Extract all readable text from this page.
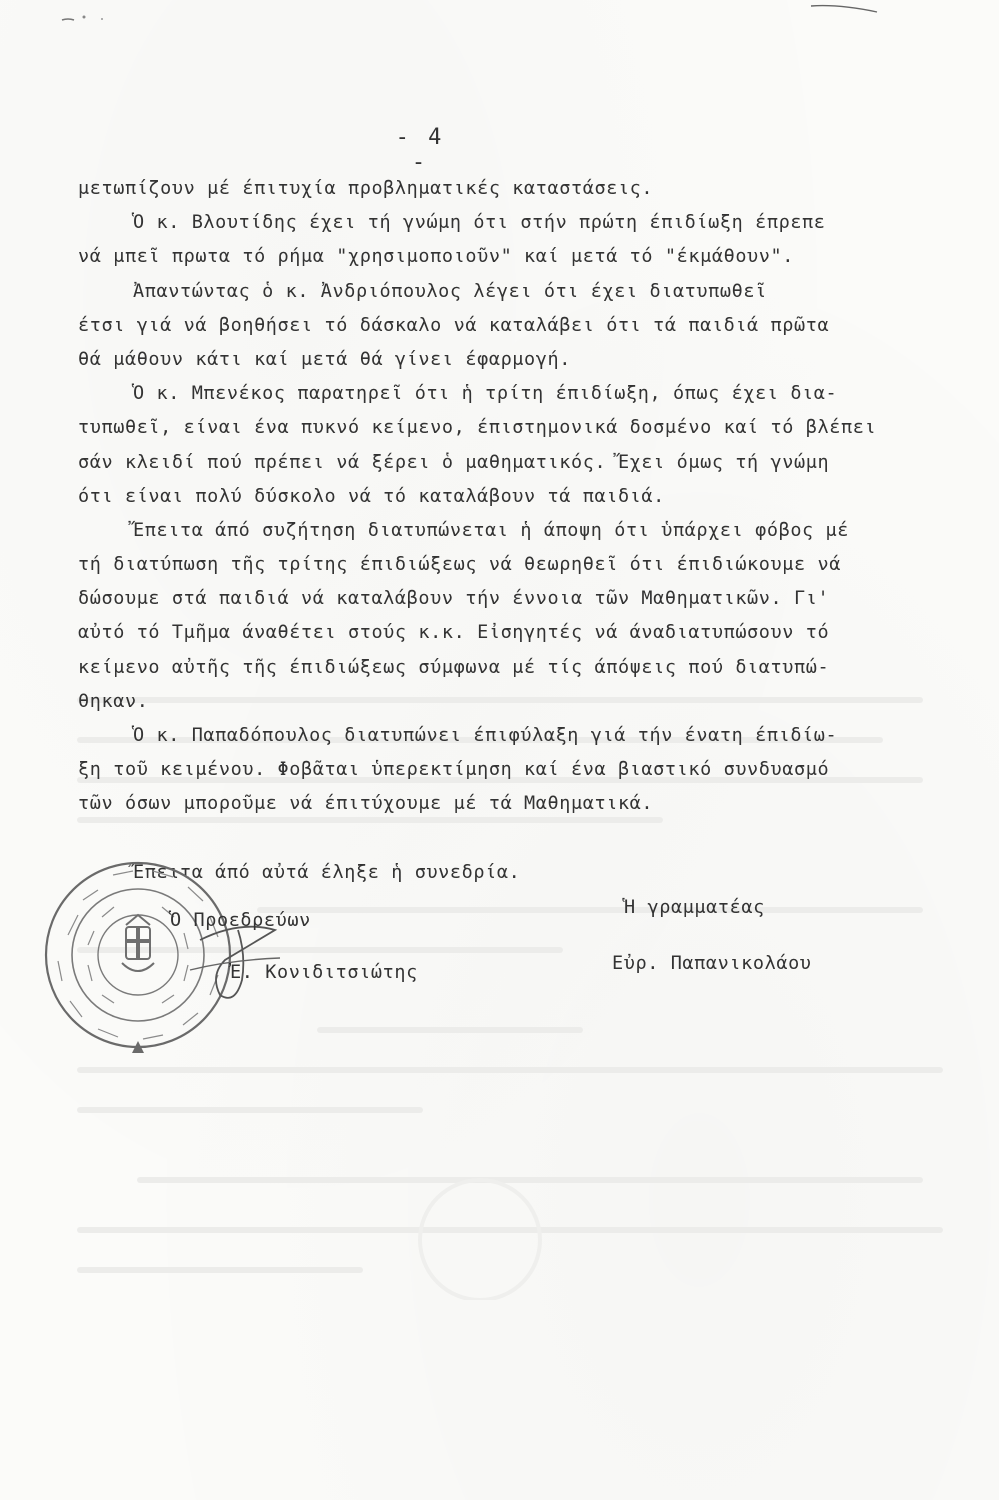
- 4 -
μετωπίζουν μέ έπιτυχία προβληματικές καταστάσεις.
Ὁ κ. Βλουτίδης έχει τή γνώμη ότι στήν πρώτη έπιδίωξη έπρεπε
νά μπεῖ πρωτα τό ρήμα "χρησιμοποιοῦν" καί μετά τό "έκμάθουν".
Ἀπαντώντας ὁ κ. Ἀνδριόπουλος λέγει ότι έχει διατυπωθεῖ
έτσι γιά νά βοηθήσει τό δάσκαλο νά καταλάβει ότι τά παιδιά πρῶτα
θά μάθουν κάτι καί μετά θά γίνει έφαρμογή.
Ὁ κ. Μπενέκος παρατηρεῖ ότι ἡ τρίτη έπιδίωξη, όπως έχει δια-
τυπωθεῖ, είναι ένα πυκνό κείμενο, έπιστημονικά δοσμένο καί τό βλέπει
σάν κλειδί πού πρέπει νά ξέρει ὁ μαθηματικός. Ἔχει όμως τή γνώμη
ότι είναι πολύ δύσκολο νά τό καταλάβουν τά παιδιά.
Ἔπειτα άπό συζήτηση διατυπώνεται ἡ άποψη ότι ὑπάρχει φόβος μέ
τή διατύπωση τῆς τρίτης έπιδιώξεως νά θεωρηθεῖ ότι έπιδιώκουμε νά
δώσουμε στά παιδιά νά καταλάβουν τήν έννοια τῶν Μαθηματικῶν. Γι'
αὐτό τό Τμῆμα άναθέτει στούς κ.κ. Εἰσηγητές νά άναδιατυπώσουν τό
κείμενο αὐτῆς τῆς έπιδιώξεως σύμφωνα μέ τίς άπόψεις πού διατυπώ-
θηκαν.
Ὁ κ. Παπαδόπουλος διατυπώνει έπιφύλαξη γιά τήν ένατη έπιδίω-
ξη τοῦ κειμένου. Φοβᾶται ὑπερεκτίμηση καί ένα βιαστικό συνδυασμό
τῶν όσων μποροῦμε νά έπιτύχουμε μέ τά Μαθηματικά.
Ἔπειτα άπό αὐτά έληξε ἡ συνεδρία.
Ὁ Προεδρεύων
Ἐ. Κονιδιτσιώτης
Ἡ γραμματέας
Εὐρ. Παπανικολάου
